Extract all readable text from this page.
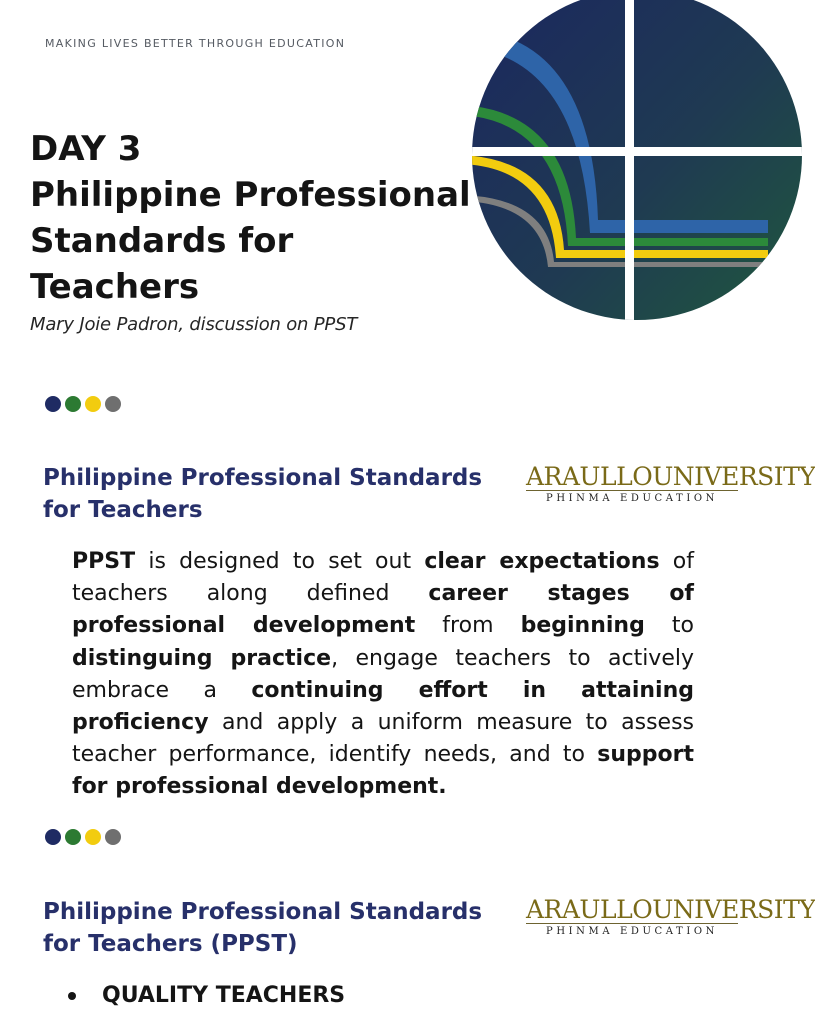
MAKING LIVES BETTER THROUGH EDUCATION
DAY 3
Philippine Professional
Standards for
Teachers
Mary Joie Padron, discussion on PPST
Philippine Professional Standards for Teachers
ARAULLOUNIVERSITY
PHINMA EDUCATION

PPST is designed to set out clear expectations of teachers along defined career stages of professional development from beginning to distinguing practice, engage teachers to actively embrace a continuing effort in attaining proficiency and apply a uniform measure to assess teacher performance, identify needs, and to support for professional development.

Philippine Professional Standards for Teachers (PPST)
ARAULLOUNIVERSITY
PHINMA EDUCATION
QUALITY TEACHERS
